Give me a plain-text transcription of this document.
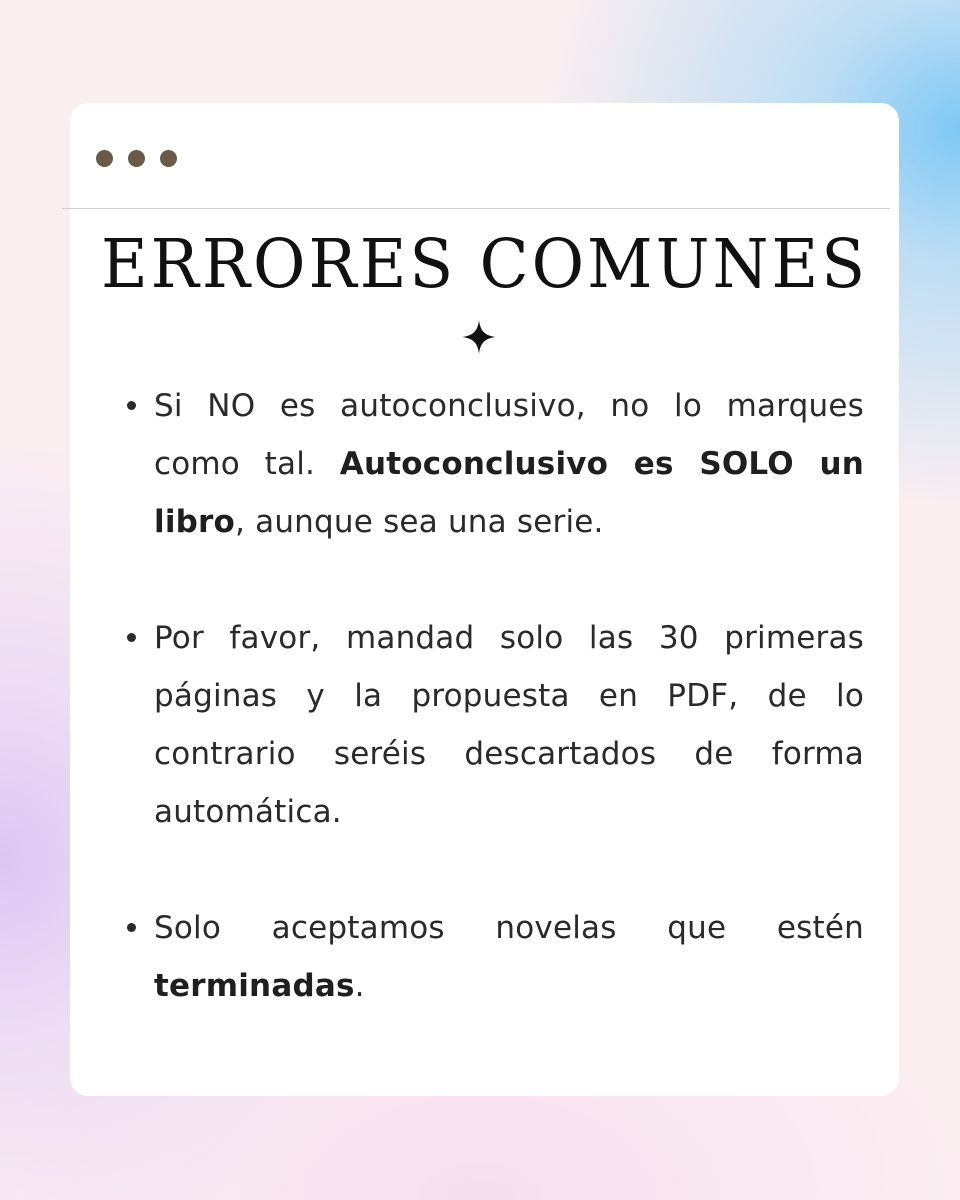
ERRORES COMUNES
Si NO es autoconclusivo, no lo marques como tal. Autoconclusivo es SOLO un libro, aunque sea una serie.
Por favor, mandad solo las 30 primeras páginas y la propuesta en PDF, de lo contrario seréis descartados de forma automática.
Solo aceptamos novelas que estén terminadas.
